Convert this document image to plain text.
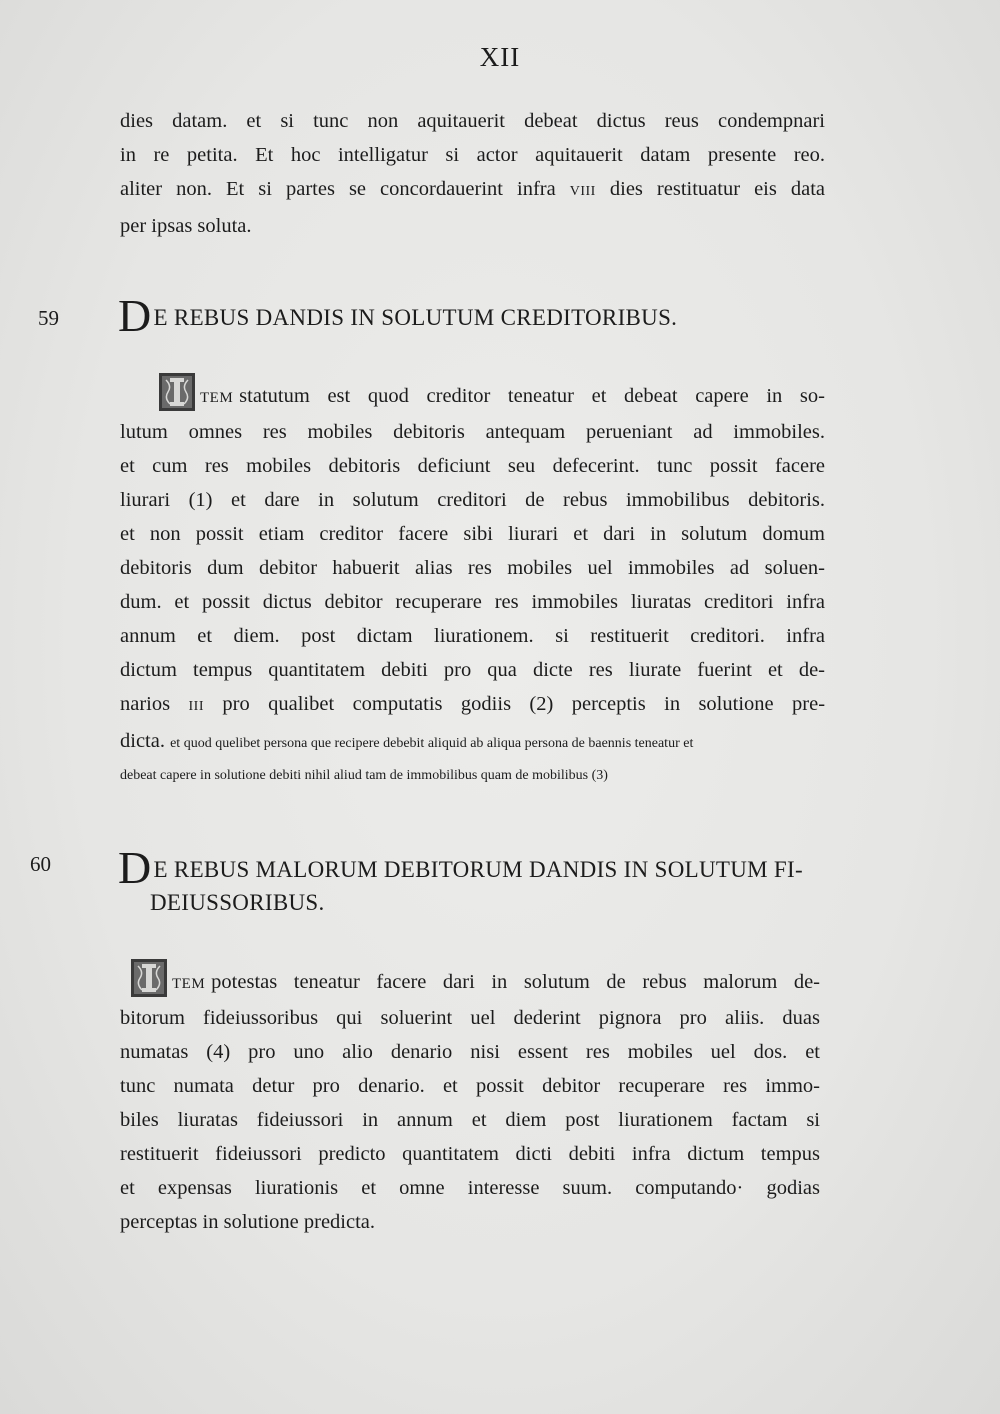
XII
dies datam. et si tunc non aquitauerit debeat dictus reus condempnari
in re petita. Et hoc intelligatur si actor aquitauerit datam presente reo.
aliter non. Et si partes se concordauerint infra VIII dies restituatur eis data
per ipsas soluta.
59 DE REBUS DANDIS IN SOLUTUM CREDITORIBUS.
TEM statutum est quod creditor teneatur et debeat capere in so-
lutum omnes res mobiles debitoris antequam perueniant ad immobiles.
et cum res mobiles debitoris deficiunt seu defecerint. tunc possit facere
liurari (1) et dare in solutum creditori de rebus immobilibus debitoris.
et non possit etiam creditor facere sibi liurari et dari in solutum domum
debitoris dum debitor habuerit alias res mobiles uel immobiles ad soluen-
dum. et possit dictus debitor recuperare res immobiles liuratas creditori infra
annum et diem. post dictam liurationem. si restituerit creditori. infra
dictum tempus quantitatem debiti pro qua dicte res liurate fuerint et de-
narios III pro qualibet computatis godiis (2) perceptis in solutione pre-
dicta. et quod quelibet persona que recipere debebit aliquid ab aliqua persona de baennis teneatur et
debeat capere in solutione debiti nihil aliud tam de immobilibus quam de mobilibus (3)
60 DE REBUS MALORUM DEBITORUM DANDIS IN SOLUTUM FI-
DEIUSSORIBUS.
TEM potestas teneatur facere dari in solutum de rebus malorum de-
bitorum fideiussoribus qui soluerint uel dederint pignora pro aliis. duas
numatas (4) pro uno alio denario nisi essent res mobiles uel dos. et
tunc numata detur pro denario. et possit debitor recuperare res immo-
biles liuratas fideiussori in annum et diem post liurationem factam si
restituerit fideiussori predicto quantitatem dicti debiti infra dictum tempus
et expensas liurationis et omne interesse suum. computando· godias
perceptas in solutione predicta.
